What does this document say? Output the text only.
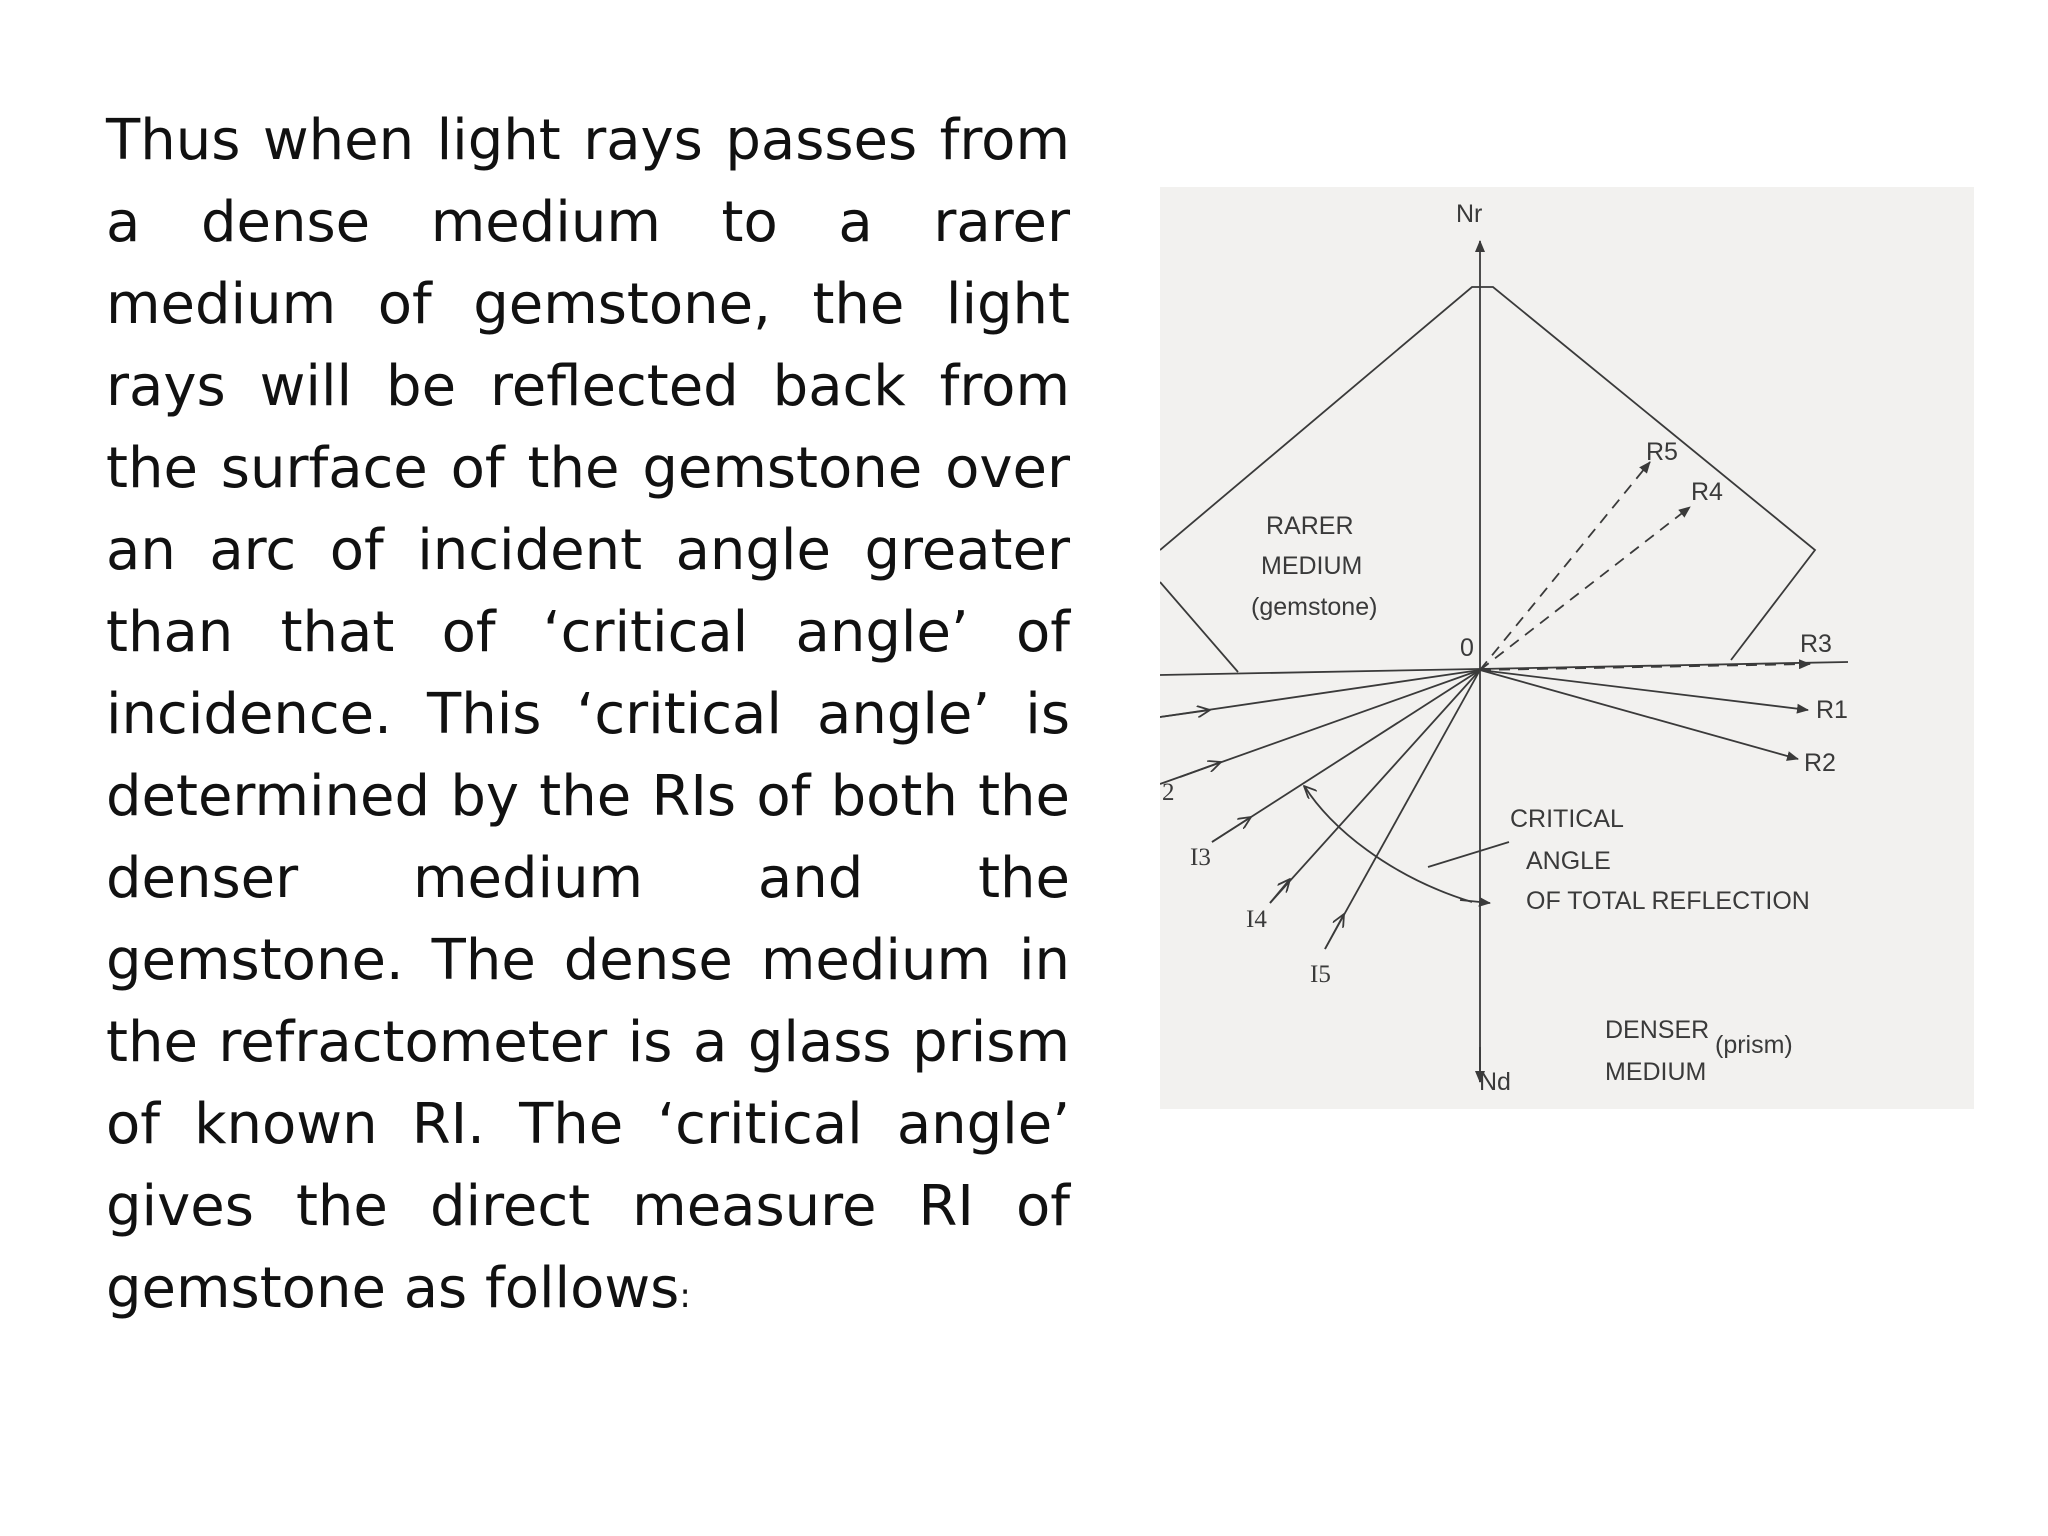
Thus when light rays passes from a dense medium to a rarer medium of gemstone, the light rays will be reflected back from the surface of the gemstone over an arc of incident angle greater than that of ‘critical angle’ of incidence. This ‘critical angle’ is determined by the RIs of both the denser medium and the gemstone. The dense medium in the refractometer is a glass prism of known RI. The ‘critical angle’ gives the direct measure RI of gemstone as follows:

Nr
Nd
0
RARER
MEDIUM
(gemstone)
CRITICAL
ANGLE
OF TOTAL REFLECTION
DENSER
MEDIUM
(prism)
2
I3
I4
I5
R5
R4
R3
R1
R2
